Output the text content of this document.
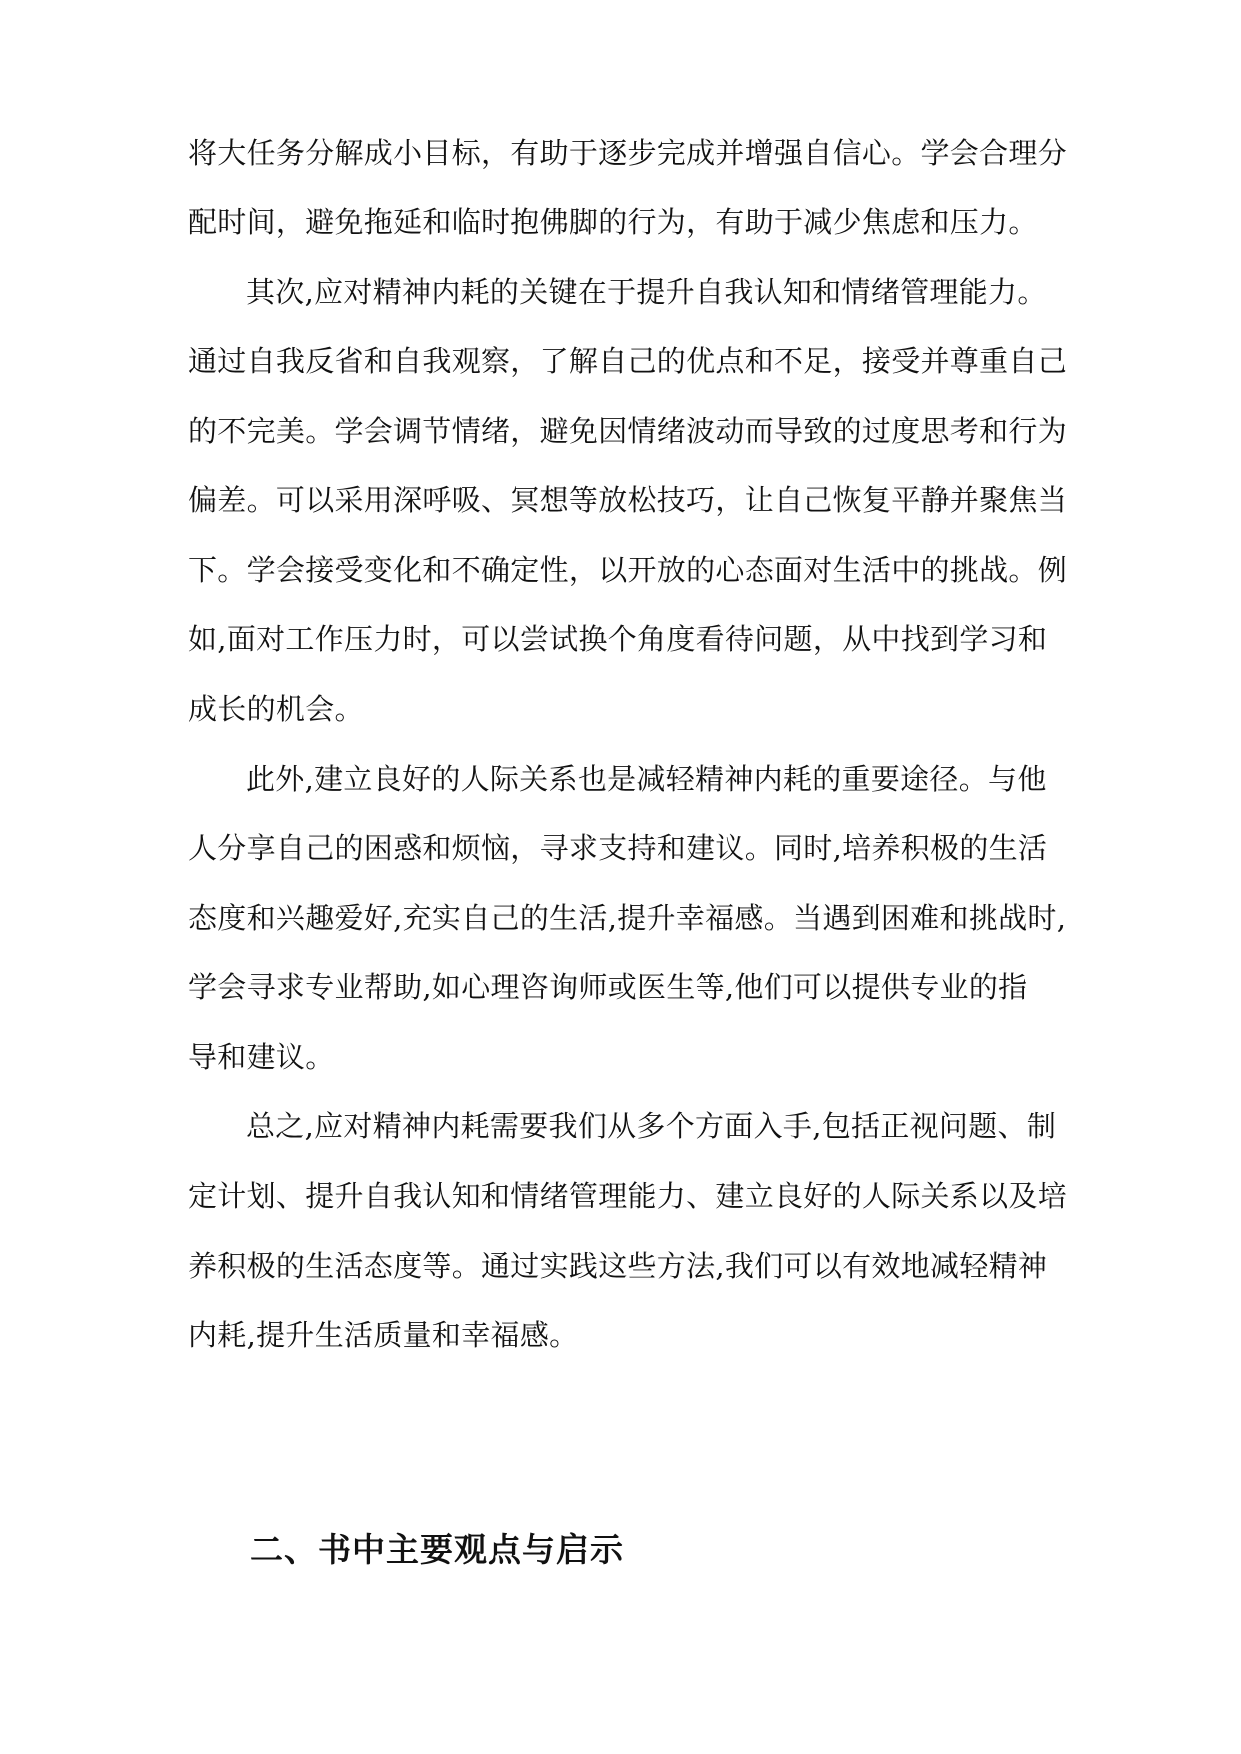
将大任务分解成小目标，有助于逐步完成并增强自信心。学会合理分
配时间，避免拖延和临时抱佛脚的行为，有助于减少焦虑和压力。
其次,应对精神内耗的关键在于提升自我认知和情绪管理能力。
通过自我反省和自我观察，了解自己的优点和不足，接受并尊重自己
的不完美。学会调节情绪，避免因情绪波动而导致的过度思考和行为
偏差。可以采用深呼吸、冥想等放松技巧，让自己恢复平静并聚焦当
下。学会接受变化和不确定性，以开放的心态面对生活中的挑战。例
如,面对工作压力时，可以尝试换个角度看待问题，从中找到学习和
成长的机会。
此外,建立良好的人际关系也是减轻精神内耗的重要途径。与他
人分享自己的困惑和烦恼，寻求支持和建议。同时,培养积极的生活
态度和兴趣爱好,充实自己的生活,提升幸福感。当遇到困难和挑战时,
学会寻求专业帮助,如心理咨询师或医生等,他们可以提供专业的指
导和建议。
总之,应对精神内耗需要我们从多个方面入手,包括正视问题、制
定计划、提升自我认知和情绪管理能力、建立良好的人际关系以及培
养积极的生活态度等。通过实践这些方法,我们可以有效地减轻精神
内耗,提升生活质量和幸福感。
二、书中主要观点与启示
